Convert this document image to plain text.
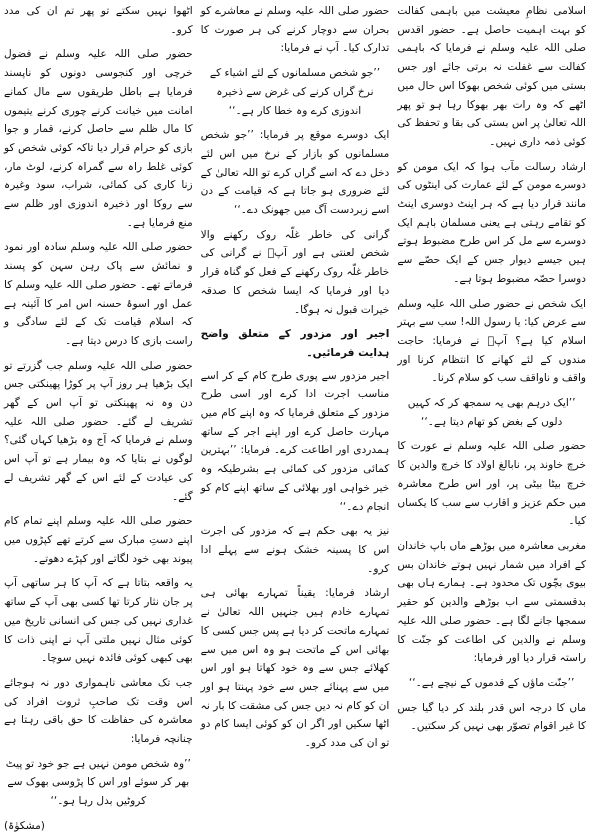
اسلامی نظامِ معیشت میں باہمی کفالت کو بہت اہمیت حاصل ہے۔ حضور اقدس صلی اللہ علیہ وسلم نے فرمایا کہ باہمی کفالت سے غفلت نہ برتی جائے اور جس بستی میں کوئی شخص بھوکا اس حال میں اٹھے کہ وہ رات بھر بھوکا رہا ہو تو پھر اللہ تعالیٰ پر اس بستی کی بقا و تحفظ کی کوئی ذمہ داری نہیں۔

ارشاد رسالت مآب ہوا کہ ایک مومن کو دوسرے مومن کے لئے عمارت کی اینٹوں کی مانند قرار دیا ہے کہ ہر اینٹ دوسری اینٹ کو تقامے رہتی ہے یعنی مسلمان باہم ایک دوسرے سے مل کر اس طرح مضبوط ہوتے ہیں جیسے دیوار جس کے ایک حصّے سے دوسرا حصّہ مضبوط ہوتا ہے۔

ایک شخص نے حضور صلی اللہ علیہ وسلم سے عرض کیا: یا رسول اللہ! سب سے بہتر اسلام کیا ہے؟ آپؐ نے فرمایا: حاجت مندوں کے لئے کھانے کا انتظام کرنا اور واقف و ناواقف سب کو سلام کرنا۔

’’ایک درہم بھی یہ سمجھ کر کہ کہیں دلوں کے بغض کو تھام دیتا ہے۔‘‘

حضور صلی اللہ علیہ وسلم نے عورت کا خرچ خاوند پر، نابالغ اولاد کا خرچ والدین کا خرچ بیٹا بیٹی پر، اور اس طرح معاشرہ میں حکم عزیز و اقارب سے سب کا یکساں کیا۔

مغربی معاشرہ میں بوڑھے ماں باپ خاندان کے افراد میں شمار نہیں ہوتے خاندان بس بیوی بچّوں تک محدود ہے۔ ہمارے ہاں بھی بدقسمتی سے اب بوڑھے والدین کو حقیر سمجھا جانے لگا ہے۔ حضور صلی اللہ علیہ وسلم نے والدین کی اطاعت کو جنّت کا راستہ قرار دیا اور فرمایا:

’’جنّت ماؤں کے قدموں کے نیچے ہے۔‘‘

ماں کا درجہ اس قدر بلند کر دیا گیا جس کا غیر اقوام تصوّر بھی نہیں کر سکتیں۔

حضور صلی اللہ علیہ وسلم نے معاشرے کو بحران سے دوچار کرنے کی ہر صورت کا تدارک کیا۔ آپ نے فرمایا:

’’جو شخص مسلمانوں کے لئے اشیاء کے نرخ گراں کرنے کی غرض سے ذخیرہ اندوزی کرے وہ خطا کار ہے۔‘‘

ایک دوسرے موقع پر فرمایا: ’’جو شخص مسلمانوں کو بازار کے نرخ میں اس لئے دخل دے کہ اسے گراں کرے تو اللہ تعالیٰ کے لئے ضروری ہو جاتا ہے کہ قیامت کے دن اسے زبردست آگ میں جھونک دے۔‘‘

گرانی کی خاطر غلّہ روک رکھنے والا شخص لعنتی ہے اور آپؐ نے گرانی کی خاطر غلّہ روک رکھنے کے فعل کو گناہ قرار دیا اور فرمایا کہ ایسا شخص کا صدقہ خیرات قبول نہ ہوگا۔

اجیر اور مزدور کے متعلق واضح ہدایت فرمائیں۔

اجیر مزدور سے پوری طرح کام کے کر اسے مناسب اجرت ادا کرے اور اسی طرح مزدور کے متعلق فرمایا کہ وہ اپنے کام میں مہارت حاصل کرے اور اپنے اجر کے ساتھ ہمدردی اور اطاعت کرے۔ فرمایا: ’’بہترین کمائی مزدور کی کمائی ہے بشرطیکہ وہ خیر خواہی اور بھلائی کے ساتھ اپنے کام کو انجام دے۔‘‘

نیز یہ بھی حکم ہے کہ مزدور کی اجرت اس کا پسینہ خشک ہونے سے پہلے ادا کرو۔

ارشاد فرمایا: یقیناً تمہارے بھائی ہی تمہارے خادم ہیں جنہیں اللہ تعالیٰ نے تمہارے ماتحت کر دیا ہے پس جس کسی کا بھائی اس کے ماتحت ہو وہ اس میں سے کھلائے جس سے وہ خود کھاتا ہو اور اس میں سے پہنائے جس سے خود پہنتا ہو اور ان کو کام نہ دیں جس کی مشقت کا بار نہ اٹھا سکیں اور اگر ان کو کوئی ایسا کام دو تو ان کی مدد کرو۔

اٹھوا نہیں سکتے تو پھر تم ان کی مدد کرو۔

حضور صلی اللہ علیہ وسلم نے فضول خرچی اور کنجوسی دونوں کو ناپسند فرمایا ہے باطل طریقوں سے مال کمانے امانت میں خیانت کرنے چوری کرنے یتیموں کا مال ظلم سے حاصل کرنے، قمار و جوا بازی کو حرام قرار دیا تاکہ کوئی شخص کو کوئی غلط راہ سے گمراہ کرنے، لوٹ مار، زنا کاری کی کمائی، شراب، سود وغیرہ سے روکا اور ذخیرہ اندوزی اور ظلم سے منع فرمایا ہے۔

حضور صلی اللہ علیہ وسلم سادہ اور نمود و نمائش سے پاک رہن سہن کو پسند فرماتے تھے۔ حضور صلی اللہ علیہ وسلم کا عمل اور اسوۂ حسنہ اس امر کا آئینہ ہے کہ اسلام قیامت تک کے لئے سادگی و راست بازی کا درس دیتا ہے۔

حضور صلی اللہ علیہ وسلم جب گزرتے تو ایک بڑھیا ہر روز آپ پر کوڑا پھینکتی جس دن وہ نہ پھینکتی تو آپ اس کے گھر تشریف لے گئے۔ حضور صلی اللہ علیہ وسلم نے فرمایا کہ آج وہ بڑھیا کہاں گئی؟ لوگوں نے بتایا کہ وہ بیمار ہے تو آپ اس کی عیادت کے لئے اس کے گھر تشریف لے گئے۔

حضور صلی اللہ علیہ وسلم اپنے تمام کام اپنے دستِ مبارک سے کرتے تھے کپڑوں میں پیوند بھی خود لگاتے اور کپڑے دھوتے۔

یہ واقعہ بتاتا ہے کہ آپ کا ہر ساتھی آپ پر جان نثار کرتا تھا کسی بھی آپ کے ساتھ غداری نہیں کی جس کی انسانی تاریخ میں کوئی مثال نہیں ملتی آپ نے اپنی ذات کا بھی کبھی کوئی فائدہ نہیں سوچا۔

جب تک معاشی ناہمواری دور نہ ہوجائے اس وقت تک صاحبِ ثروت افراد کی معاشرہ کی حفاظت کا حق باقی رہتا ہے چنانچہ فرمایا:

’’وہ شخص مومن نہیں ہے جو خود تو پیٹ بھر کر سوئے اور اس کا پڑوسی بھوک سے کروٹیں بدل رہا ہو۔‘‘

(مشکوٰۃ)
